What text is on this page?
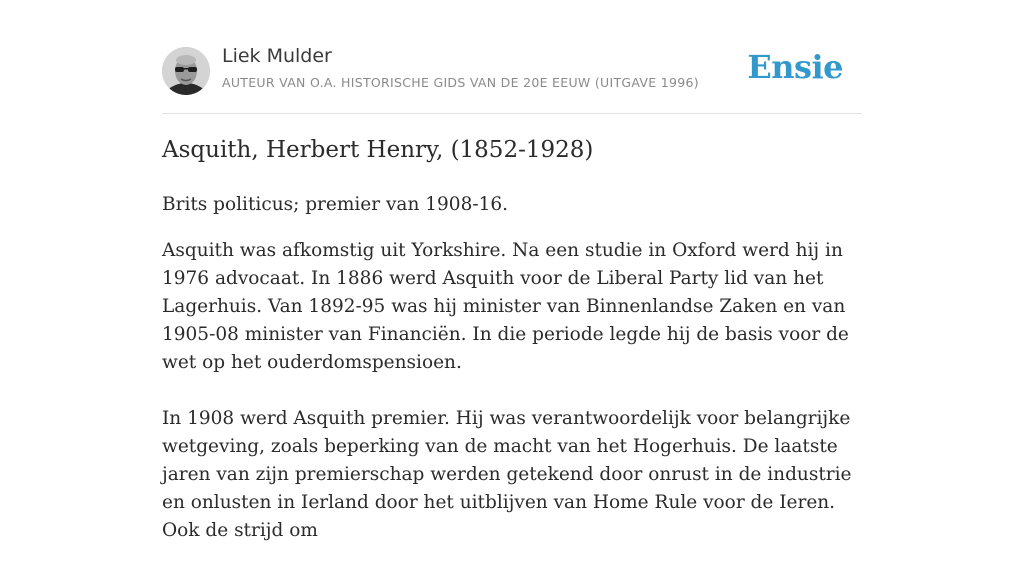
Liek Mulder
AUTEUR VAN O.A. HISTORISCHE GIDS VAN DE 20E EEUW (UITGAVE 1996) Ensie
Asquith, Herbert Henry, (1852-1928)

Brits politicus; premier van 1908-16.

Asquith was afkomstig uit Yorkshire. Na een studie in Oxford werd hij in 1976 advocaat. In 1886 werd Asquith voor de Liberal Party lid van het Lagerhuis. Van 1892-95 was hij minister van Binnenlandse Zaken en van 1905-08 minister van Financiën. In die periode legde hij de basis voor de wet op het ouderdomspensioen.

In 1908 werd Asquith premier. Hij was verantwoordelijk voor belangrijke wetgeving, zoals beperking van de macht van het Hogerhuis. De laatste jaren van zijn premierschap werden getekend door onrust in de industrie en onlusten in Ierland door het uitblijven van Home Rule voor de Ieren. Ook de strijd om
